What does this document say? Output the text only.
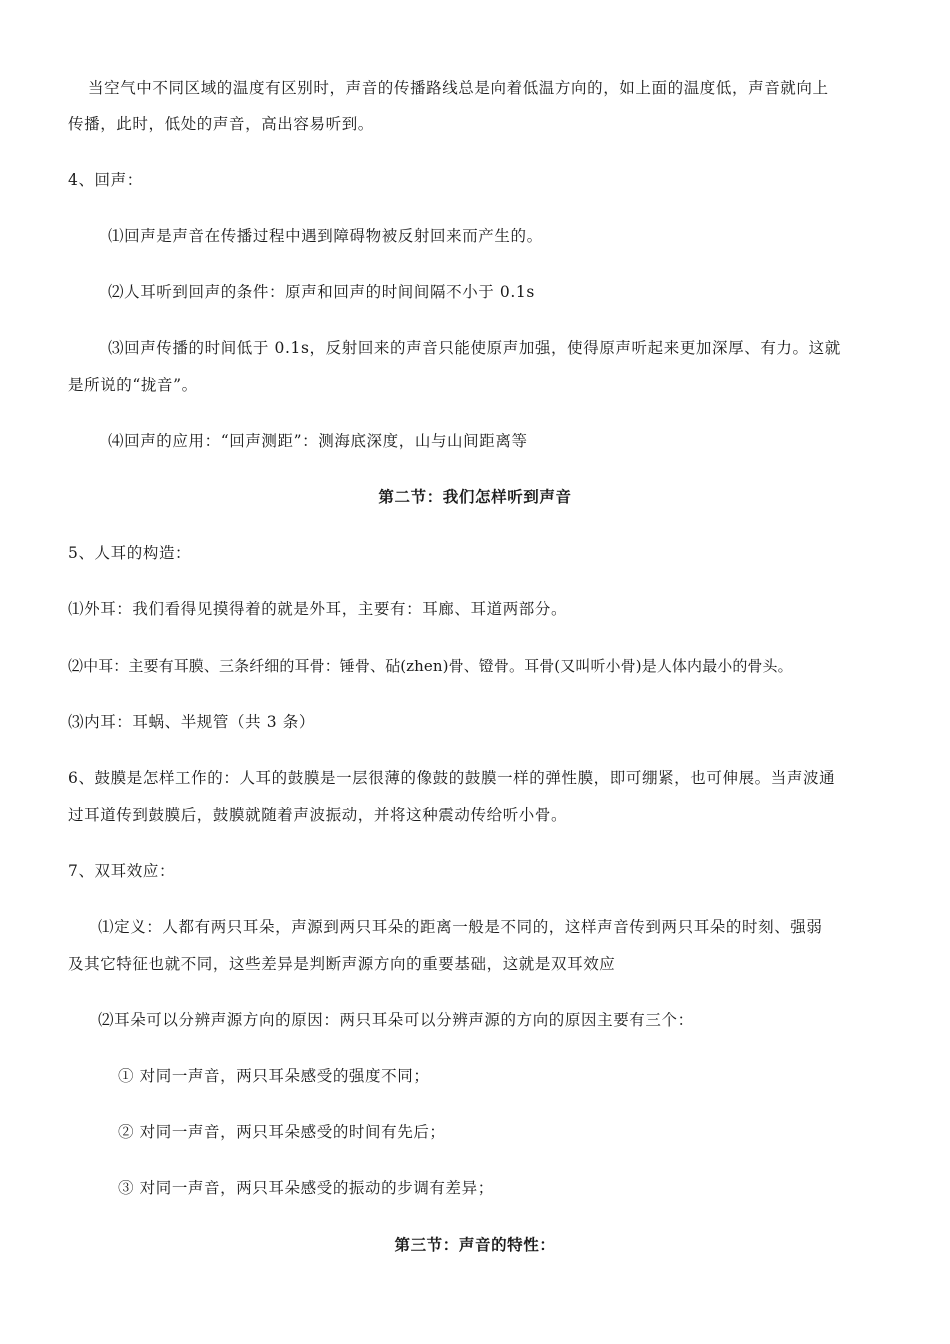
当空气中不同区域的温度有区别时，声音的传播路线总是向着低温方向的，如上面的温度低，声音就向上
传播，此时，低处的声音，高出容易听到。
4、回声：
⑴回声是声音在传播过程中遇到障碍物被反射回来而产生的。
⑵人耳听到回声的条件：原声和回声的时间间隔不小于 0.1s
⑶回声传播的时间低于 0.1s，反射回来的声音只能使原声加强，使得原声听起来更加深厚、有力。这就
是所说的“拢音”。
⑷回声的应用：“回声测距”：测海底深度，山与山间距离等
第二节：我们怎样听到声音
5、人耳的构造：
⑴外耳：我们看得见摸得着的就是外耳，主要有：耳廊、耳道两部分。
⑵中耳：主要有耳膜、三条纤细的耳骨：锤骨、砧(zhen)骨、镫骨。耳骨(又叫听小骨)是人体内最小的骨头。
⑶内耳：耳蜗、半规管（共 3 条）
6、鼓膜是怎样工作的：人耳的鼓膜是一层很薄的像鼓的鼓膜一样的弹性膜，即可绷紧，也可伸展。当声波通
过耳道传到鼓膜后，鼓膜就随着声波振动，并将这种震动传给听小骨。
7、双耳效应：
⑴定义：人都有两只耳朵，声源到两只耳朵的距离一般是不同的，这样声音传到两只耳朵的时刻、强弱
及其它特征也就不同，这些差异是判断声源方向的重要基础，这就是双耳效应
⑵耳朵可以分辨声源方向的原因：两只耳朵可以分辨声源的方向的原因主要有三个：
① 对同一声音，两只耳朵感受的强度不同；
② 对同一声音，两只耳朵感受的时间有先后；
③ 对同一声音，两只耳朵感受的振动的步调有差异；
第三节：声音的特性：
